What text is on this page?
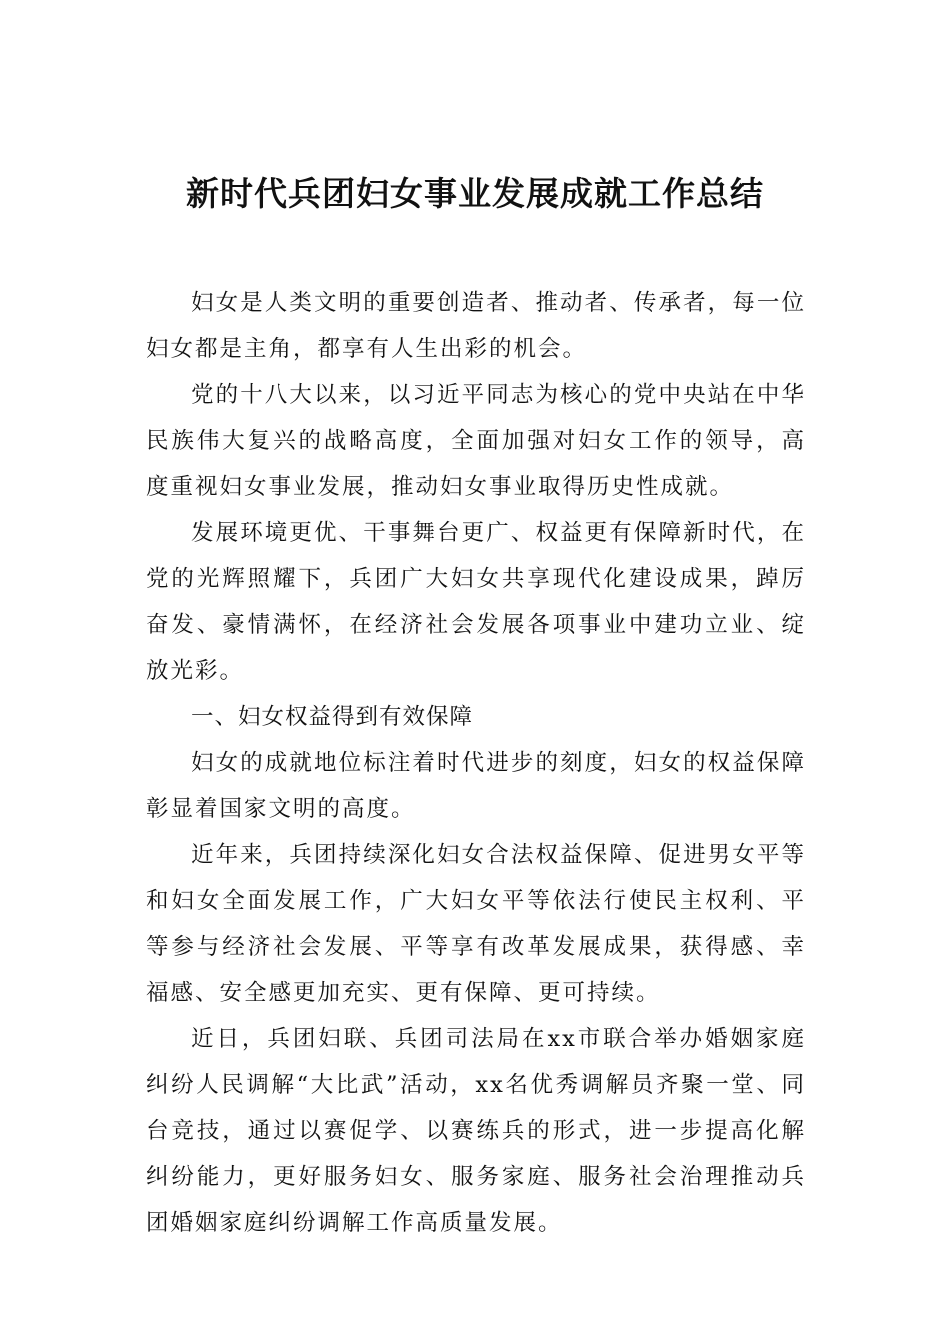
新时代兵团妇女事业发展成就工作总结

妇女是人类文明的重要创造者、推动者、传承者，每一位妇女都是主角，都享有人生出彩的机会。

党的十八大以来，以习近平同志为核心的党中央站在中华民族伟大复兴的战略高度，全面加强对妇女工作的领导，高度重视妇女事业发展，推动妇女事业取得历史性成就。

发展环境更优、干事舞台更广、权益更有保障新时代，在党的光辉照耀下，兵团广大妇女共享现代化建设成果，踔厉奋发、豪情满怀，在经济社会发展各项事业中建功立业、绽放光彩。

一、妇女权益得到有效保障

妇女的成就地位标注着时代进步的刻度，妇女的权益保障彰显着国家文明的高度。

近年来，兵团持续深化妇女合法权益保障、促进男女平等和妇女全面发展工作，广大妇女平等依法行使民主权利、平等参与经济社会发展、平等享有改革发展成果，获得感、幸福感、安全感更加充实、更有保障、更可持续。

近日，兵团妇联、兵团司法局在xx市联合举办婚姻家庭纠纷人民调解“大比武”活动，xx名优秀调解员齐聚一堂、同台竞技，通过以赛促学、以赛练兵的形式，进一步提高化解纠纷能力，更好服务妇女、服务家庭、服务社会治理推动兵团婚姻家庭纠纷调解工作高质量发展。
